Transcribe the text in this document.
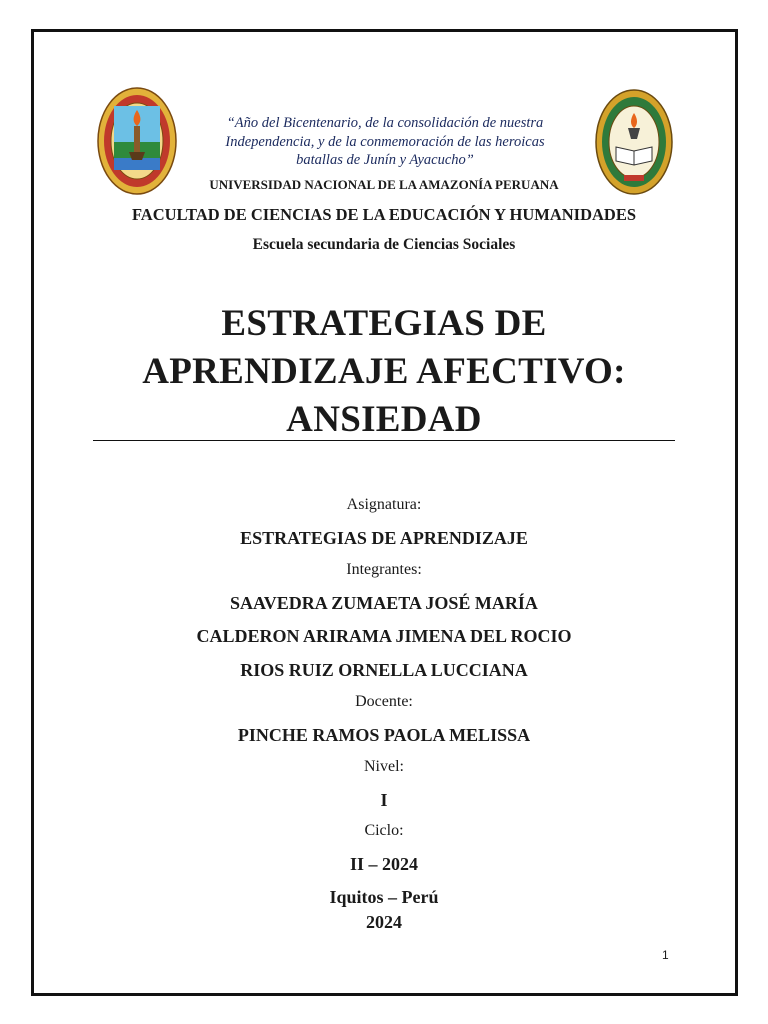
“Año del Bicentenario, de la consolidación de nuestra
Independencia, y de la conmemoración de las heroicas
batallas de Junín y Ayacucho”
UNIVERSIDAD NACIONAL DE LA AMAZONÍA PERUANA
FACULTAD DE CIENCIAS DE LA EDUCACIÓN Y HUMANIDADES
Escuela secundaria de Ciencias Sociales
ESTRATEGIAS DE
APRENDIZAJE AFECTIVO:
ANSIEDAD
Asignatura:
ESTRATEGIAS DE APRENDIZAJE
Integrantes:
SAAVEDRA ZUMAETA JOSÉ MARÍA
CALDERON ARIRAMA JIMENA DEL ROCIO
RIOS RUIZ ORNELLA LUCCIANA
Docente:
PINCHE RAMOS PAOLA MELISSA
Nivel:
I
Ciclo:
II – 2024
Iquitos – Perú
2024
1
